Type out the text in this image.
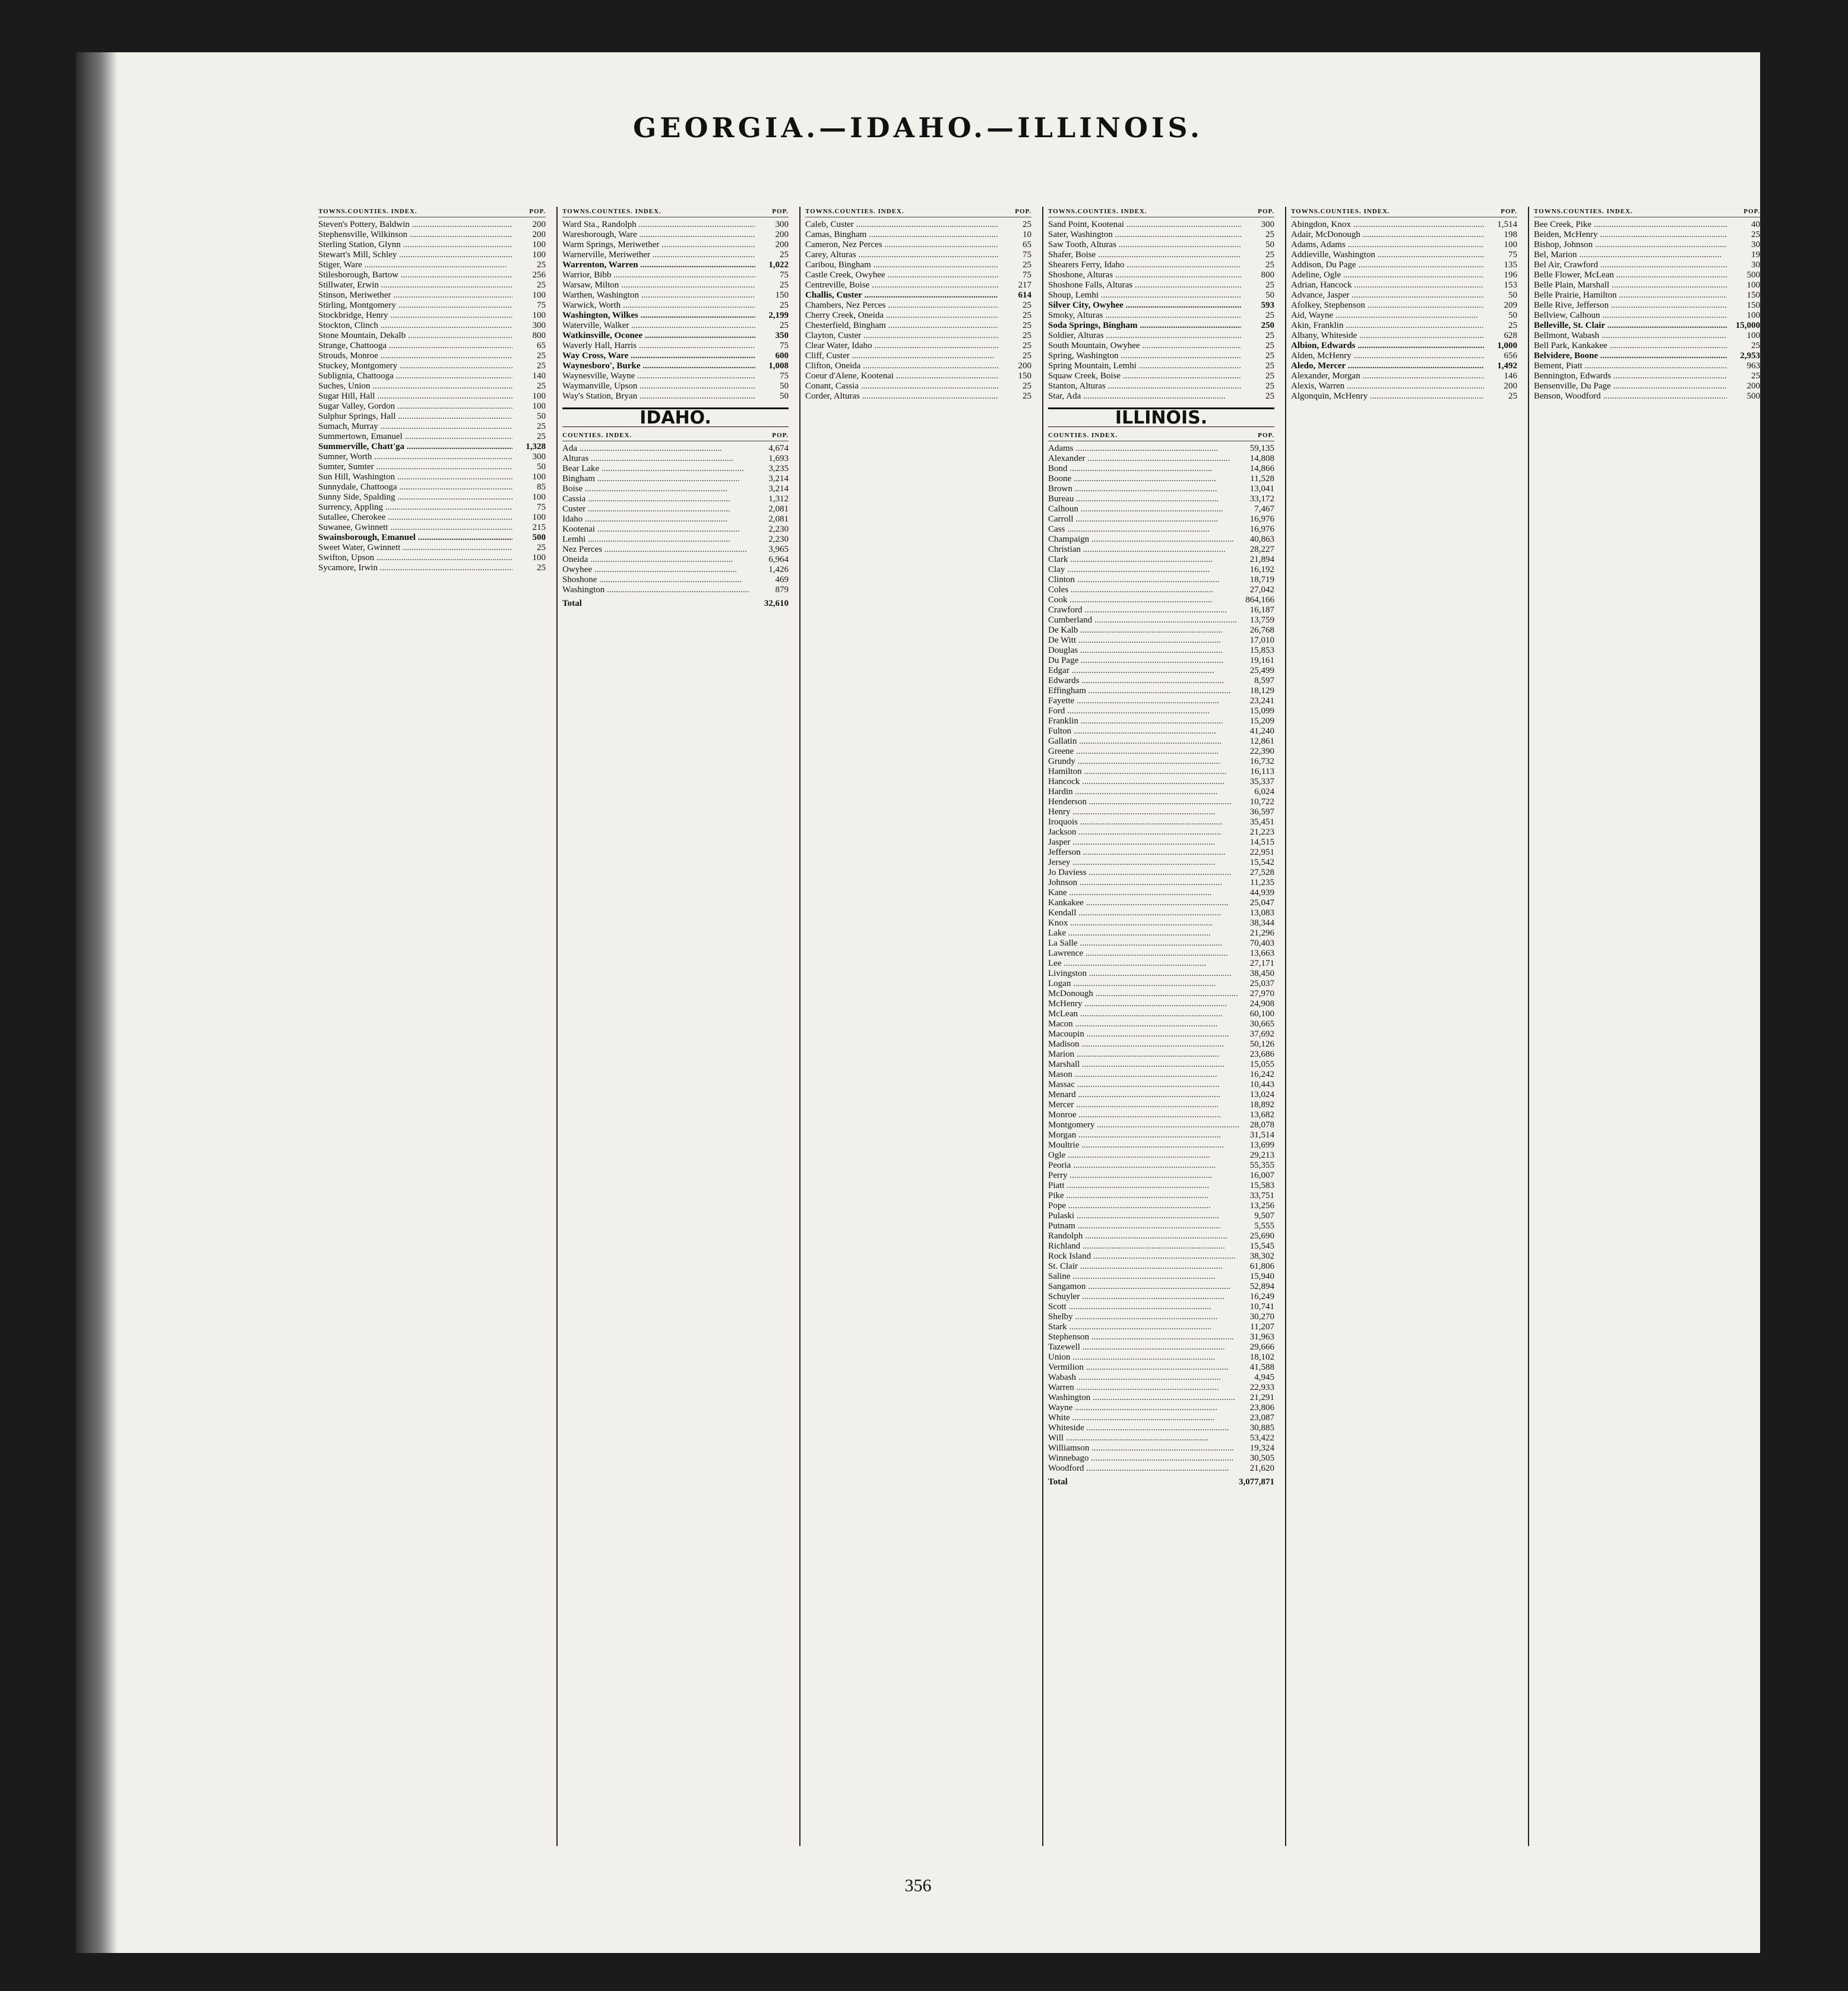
GEORGIA.—IDAHO.—ILLINOIS.
TOWNS. COUNTIES. INDEX.	POP.
Steven's Pottery, Baldwin .....	200
Stephensville, Wilkinson .....	200
Sterling Station, Glynn .....	100
Stewart's Mill, Schley .....	100
Stiger, Ware .....	25
Stilesborough, Bartow .....	256
Stillwater, Erwin .....	25
Stinson, Meriwether .....	100
Stirling, Montgomery .....	75
Stockbridge, Henry .....	100
Stockton, Clinch .....	300
Stone Mountain, Dekalb .....	800
Strange, Chattooga .....	65
Strouds, Monroe .....	25
Stuckey, Montgomery .....	25
Sublignia, Chattooga .....	140
Suches, Union .....	25
Sugar Hill, Hall .....	100
Sugar Valley, Gordon .....	100
Sulphur Springs, Hall .....	50
Sumach, Murray .....	25
Summertown, Emanuel .....	25
Summerville, Chatt'ga .....	1,328
Sumner, Worth .....	300
Sumter, Sumter .....	50
Sun Hill, Washington .....	100
Sunnydale, Chattooga .....	85
Sunny Side, Spalding .....	100
Surrency, Appling .....	75
Sutallee, Cherokee .....	100
Suwanee, Gwinnett .....	215
Swainsborough, Emanuel .....	500
Sweet Water, Gwinnett .....	25
Swifton, Upson .....	100
Sycamore, Irwin .....	25
TOWNS. COUNTIES. INDEX.	POP.
Ward Sta., Randolph .....	300
Waresborough, Ware .....	200
Warm Springs, Meriwether .....	200
Warnerville, Meriwether .....	25
Warrenton, Warren .....	1,022
Warrior, Bibb .....	75
Warsaw, Milton .....	25
Warthen, Washington .....	150
Warwick, Worth .....	25
Washington, Wilkes .....	2,199
Waterville, Walker .....	25
Watkinsville, Oconee .....	350
Waverly Hall, Harris .....	75
Way Cross, Ware .....	600
Waynesboro', Burke .....	1,008
Waynesville, Wayne .....	75
Waymanville, Upson .....	50
Way's Station, Bryan .....	50
IDAHO.
COUNTIES. INDEX.	POP.
Ada .....	4,674
Alturas .....	1,693
Bear Lake .....	3,235
Bingham .....	3,214
Boise .....	3,214
Cassia .....	1,312
Custer .....	2,081
Idaho .....	2,081
Kootenai .....	2,230
Lemhi .....	2,230
Nez Perces .....	3,965
Oneida .....	6,964
Owyhee .....	1,426
Shoshone .....	469
Washington .....	879
Total	32,610
TOWNS. COUNTIES. INDEX.	POP.
Caleb, Custer .....	25
Camas, Bingham .....	10
Cameron, Nez Perces .....	65
Carey, Alturas .....	75
Caribou, Bingham .....	25
Castle Creek, Owyhee .....	75
Centreville, Boise .....	217
Challis, Custer .....	614
Chambers, Nez Perces .....	25
Cherry Creek, Oneida .....	25
Chesterfield, Bingham .....	25
Clayton, Custer .....	25
Clear Water, Idaho .....	25
Cliff, Custer .....	25
Clifton, Oneida .....	200
Coeur d'Alene, Kootenai .....	150
Conant, Cassia .....	25
Corder, Alturas .....	25
TOWNS. COUNTIES. INDEX.	POP.
Sand Point, Kootenai .....	300
Sater, Washington .....	25
Saw Tooth, Alturas .....	50
Shafer, Boise .....	25
Shearers Ferry, Idaho .....	25
Shoshone, Alturas .....	800
Shoshone Falls, Alturas .....	25
Shoup, Lemhi .....	50
Silver City, Owyhee .....	593
Smoky, Alturas .....	25
Soda Springs, Bingham .....	250
Soldier, Alturas .....	25
South Mountain, Owyhee .....	25
Spring, Washington .....	25
Spring Mountain, Lemhi .....	25
Squaw Creek, Boise .....	25
Stanton, Alturas .....	25
Star, Ada .....	25
ILLINOIS.
COUNTIES. INDEX.	POP.
Adams .....	59,135
Alexander .....	14,808
Bond .....	14,866
Boone .....	11,528
Brown .....	13,041
Bureau .....	33,172
Calhoun .....	7,467
Carroll .....	16,976
Cass .....	16,976
Champaign .....	40,863
Christian .....	28,227
Clark .....	21,894
Clay .....	16,192
Clinton .....	18,719
Coles .....	27,042
Cook .....	864,166
Crawford .....	16,187
Cumberland .....	13,759
De Kalb .....	26,768
De Witt .....	17,010
Douglas .....	15,853
Du Page .....	19,161
Edgar .....	25,499
Edwards .....	8,597
Effingham .....	18,129
Fayette .....	23,241
Ford .....	15,099
Franklin .....	15,209
Fulton .....	41,240
Gallatin .....	12,861
Greene .....	22,390
Grundy .....	16,732
Hamilton .....	16,113
Hancock .....	35,337
Hardin .....	6,024
Henderson .....	10,722
Henry .....	36,597
Iroquois .....	35,451
Jackson .....	21,223
Jasper .....	14,515
Jefferson .....	22,951
Jersey .....	15,542
Jo Daviess .....	27,528
Johnson .....	11,235
Kane .....	44,939
Kankakee .....	25,047
Kendall .....	13,083
Knox .....	38,344
Lake .....	21,296
La Salle .....	70,403
Lawrence .....	13,663
Lee .....	27,171
Livingston .....	38,450
Logan .....	25,037
McDonough .....	27,970
McHenry .....	24,908
McLean .....	60,100
Macon .....	30,665
Macoupin .....	37,692
Madison .....	50,126
Marion .....	23,686
Marshall .....	15,055
Mason .....	16,242
Massac .....	10,443
Menard .....	13,024
Mercer .....	18,892
Monroe .....	13,682
Montgomery .....	28,078
Morgan .....	31,514
Moultrie .....	13,699
Ogle .....	29,213
Peoria .....	55,355
Perry .....	16,007
Piatt .....	15,583
Pike .....	33,751
Pope .....	13,256
Pulaski .....	9,507
Putnam .....	5,555
Randolph .....	25,690
Richland .....	15,545
Rock Island .....	38,302
St. Clair .....	61,806
Saline .....	15,940
Sangamon .....	52,894
Schuyler .....	16,249
Scott .....	10,741
Shelby .....	30,270
Stark .....	11,207
Stephenson .....	31,963
Tazewell .....	29,666
Union .....	18,102
Vermilion .....	41,588
Wabash .....	4,945
Warren .....	22,933
Washington .....	21,291
Wayne .....	23,806
White .....	23,087
Whiteside .....	30,885
Will .....	53,422
Williamson .....	19,324
Winnebago .....	30,505
Woodford .....	21,620
Total	3,077,871
TOWNS. COUNTIES. INDEX.	POP.
Abingdon, Knox .....	1,514
Adair, McDonough .....	198
Adams, Adams .....	100
Addieville, Washington .....	75
Addison, Du Page .....	135
Adeline, Ogle .....	196
Adrian, Hancock .....	153
Advance, Jasper .....	50
Afolkey, Stephenson .....	209
Aid, Wayne .....	50
Akin, Franklin .....	25
Albany, Whiteside .....	628
Albion, Edwards .....	1,000
Alden, McHenry .....	656
Aledo, Mercer .....	1,492
Alexander, Morgan .....	146
Alexis, Warren .....	200
Algonquin, McHenry .....	25
TOWNS. COUNTIES. INDEX.	POP.
Bee Creek, Pike .....	40
Beiden, McHenry .....	25
Bishop, Johnson .....	30
Bel, Marion .....	19
Bel Air, Crawford .....	30
Belle Flower, McLean .....	500
Belle Plain, Marshall .....	100
Belle Prairie, Hamilton .....	150
Belle Rive, Jefferson .....	150
Bellview, Calhoun .....	100
Belleville, St. Clair .....	15,000
Bellmont, Wabash .....	100
Bell Park, Kankakee .....	25
Belvidere, Boone .....	2,953
Bement, Piatt .....	963
Bennington, Edwards .....	25
Bensenville, Du Page .....	200
Benson, Woodford .....	500
356
